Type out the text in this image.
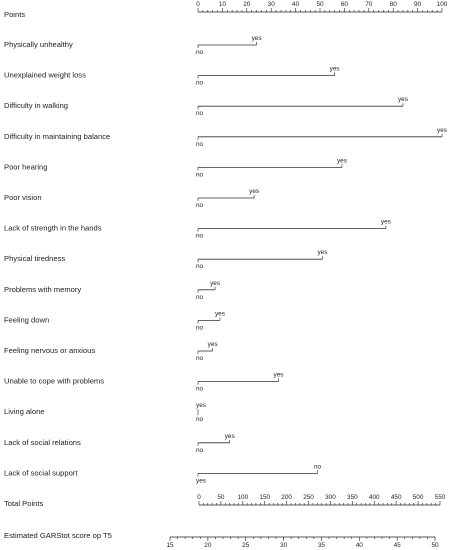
Points
0	10	20	30	40	50	60	70	80	90 100
Physically unhealthy
no
yes
Unexplained weight loss
no
yes
Difficulty in walking
no
yes
Difficulty in maintaining balance
no
yes
Poor hearing
no
yes
Poor vision
no
yes
Lack of strength in the hands
no
yes
Physical tiredness
no
yes
Problems with memory
no
yes
Feeling down
no
yes
Feeling nervous or anxious
no
yes
Unable to cope with problems
no
yes
Living alone
no
yes
Lack of social relations
no
yes
Lack of social support
yes
no
Total Points
0	50 100 150 200 250 300 350 400 450 500 550
Estimated GARStot score op T5
15	20	25	30	35	40	45	50
